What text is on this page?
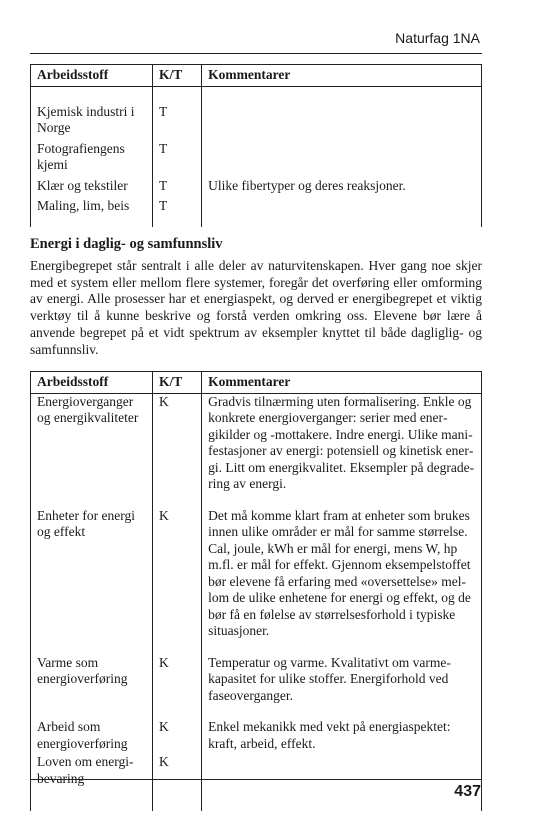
Naturfag 1NA
Arbeidsstoff	K/T	Kommentarer

Kjemisk industri i Norge	T	
Fotografiengens kjemi	T	
Klær og tekstiler	T	Ulike fibertyper og deres reaksjoner.
Maling, lim, beis	T	
Energi i daglig- og samfunnsliv

Energibegrepet står sentralt i alle deler av naturvitenskapen. Hver gang noe skjer med et system eller mellom flere systemer, foregår det overføring eller omforming av energi. Alle prosesser har et energiaspekt, og derved er energibegrepet et viktig verktøy til å kunne beskrive og forstå verden omkring oss. Elevene bør lære å anvende begrepet på et vidt spektrum av eksempler knyttet til både dagliglig- og samfunnsliv.

Arbeidsstoff	K/T	Kommentarer
Energioverganger og energikvaliteter	K	Gradvis tilnærming uten formalisering. Enkle og konkrete energioverganger: serier med energikilder og -mottakere. Indre energi. Ulike manifestasjoner av energi: potensiell og kinetisk energi. Litt om energikvalitet. Eksempler på degradering av energi.
Enheter for energi og effekt	K	Det må komme klart fram at enheter som brukes innen ulike områder er mål for samme størrelse. Cal, joule, kWh er mål for energi, mens W, hp m.fl. er mål for effekt. Gjennom eksempelstoffet bør elevene få erfaring med «oversettelse» mellom de ulike enhetene for energi og effekt, og de bør få en følelse av størrelsesforhold i typiske situasjoner.
Varme som energioverføring	K	Temperatur og varme. Kvalitativt om varmekapasitet for ulike stoffer. Energiforhold ved faseoverganger.
Arbeid som energioverføring	K	Enkel mekanikk med vekt på energiaspektet: kraft, arbeid, effekt.
Loven om energibevaring	K	
437
